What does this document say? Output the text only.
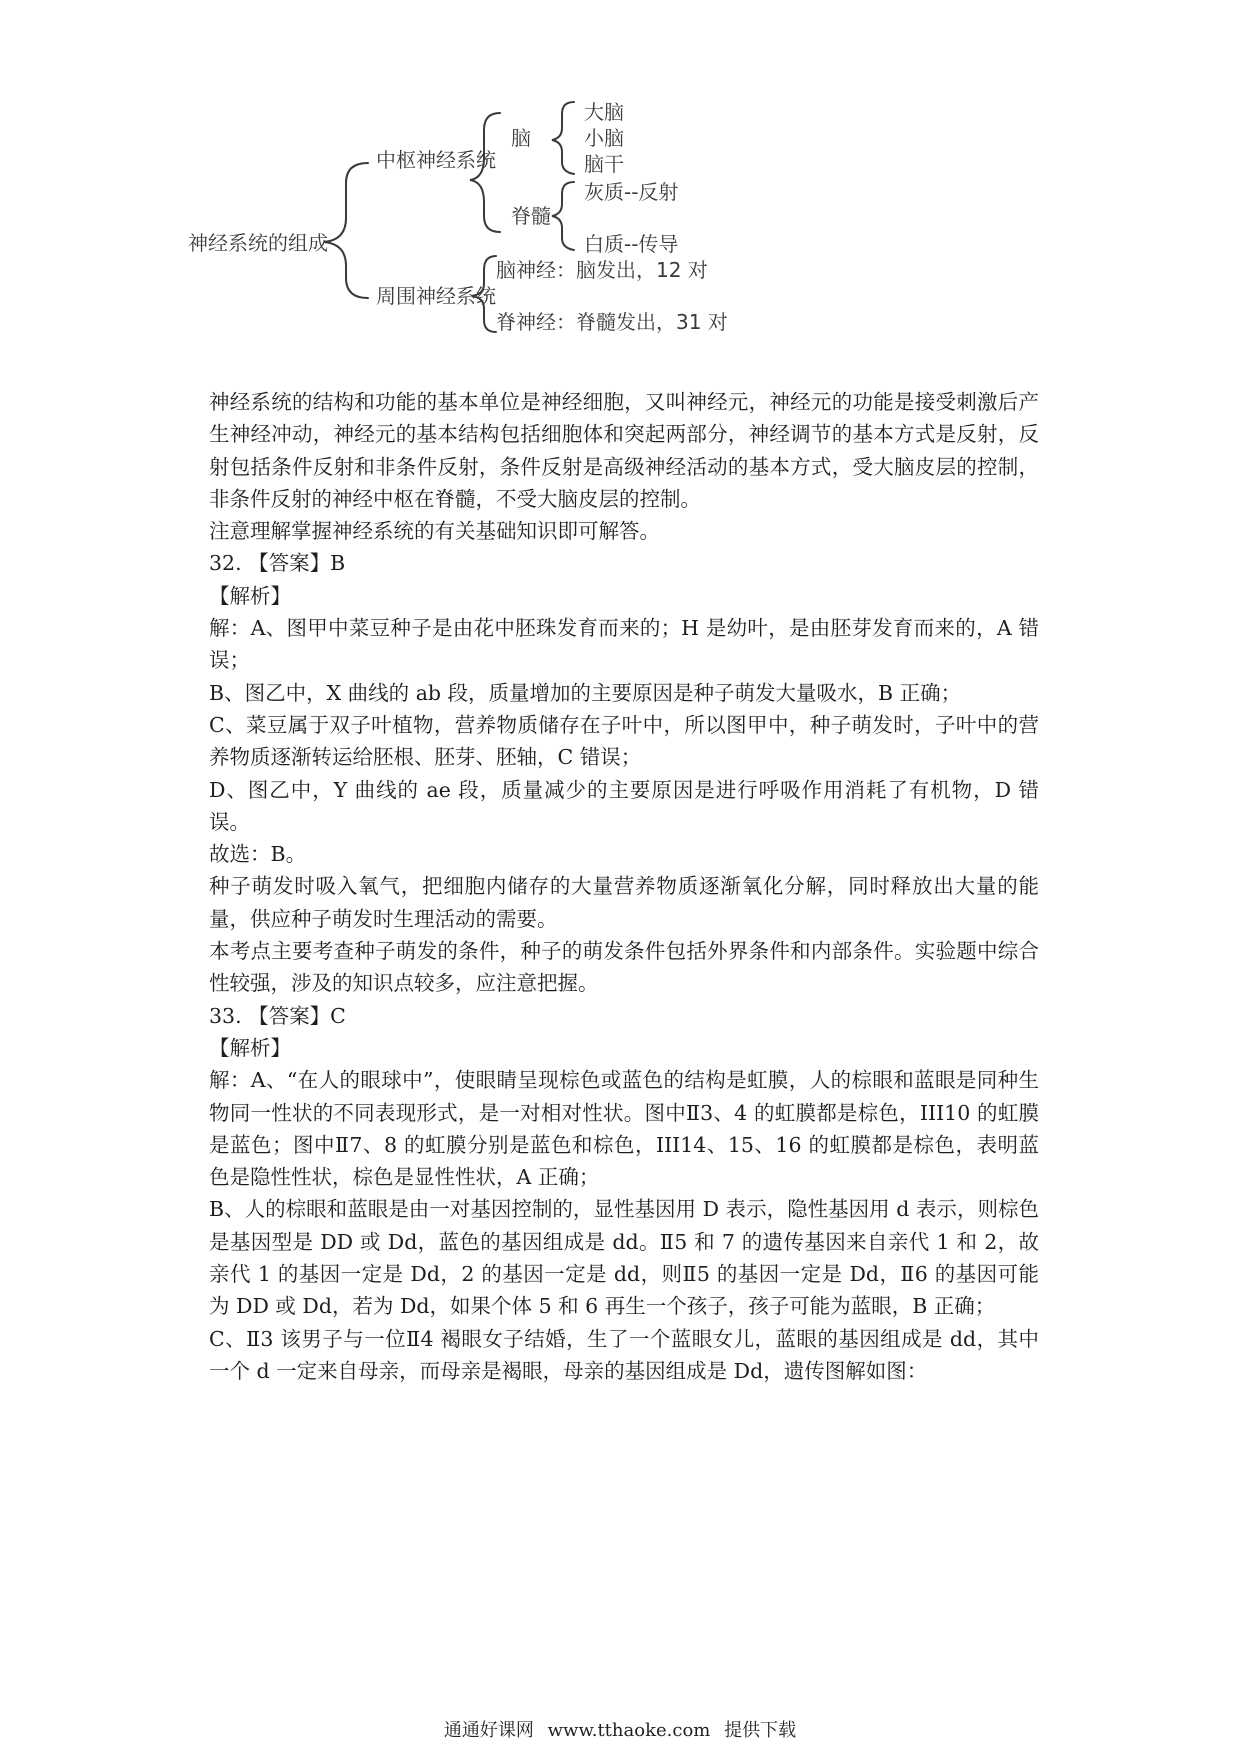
神经系统的组成
中枢神经系统
周围神经系统
脑
大脑
小脑
脑干
脊髓
灰质--反射
白质--传导
脑神经：脑发出，12 对
脊神经：脊髓发出，31 对

神经系统的结构和功能的基本单位是神经细胞，又叫神经元，神经元的功能是接受刺激后产生神经冲动，神经元的基本结构包括细胞体和突起两部分，神经调节的基本方式是反射，反射包括条件反射和非条件反射，条件反射是高级神经活动的基本方式，受大脑皮层的控制，非条件反射的神经中枢在脊髓，不受大脑皮层的控制。

注意理解掌握神经系统的有关基础知识即可解答。

32. 【答案】B

【解析】

解：A、图甲中菜豆种子是由花中胚珠发育而来的；H 是幼叶，是由胚芽发育而来的，A 错误；

B、图乙中，X 曲线的 ab 段，质量增加的主要原因是种子萌发大量吸水，B 正确；

C、菜豆属于双子叶植物，营养物质储存在子叶中，所以图甲中，种子萌发时，子叶中的营养物质逐渐转运给胚根、胚芽、胚轴，C 错误；

D、图乙中，Y 曲线的 ae 段，质量减少的主要原因是进行呼吸作用消耗了有机物，D 错误。

故选：B。

种子萌发时吸入氧气，把细胞内储存的大量营养物质逐渐氧化分解，同时释放出大量的能量，供应种子萌发时生理活动的需要。

本考点主要考查种子萌发的条件，种子的萌发条件包括外界条件和内部条件。实验题中综合性较强，涉及的知识点较多，应注意把握。

33. 【答案】C

【解析】

解：A、“在人的眼球中”，使眼睛呈现棕色或蓝色的结构是虹膜，人的棕眼和蓝眼是同种生物同一性状的不同表现形式，是一对相对性状。图中Ⅱ3、4 的虹膜都是棕色，III10 的虹膜是蓝色；图中Ⅱ7、8 的虹膜分别是蓝色和棕色，III14、15、16 的虹膜都是棕色，表明蓝色是隐性性状，棕色是显性性状，A 正确；

B、人的棕眼和蓝眼是由一对基因控制的，显性基因用 D 表示，隐性基因用 d 表示，则棕色是基因型是 DD 或 Dd，蓝色的基因组成是 dd。Ⅱ5 和 7 的遗传基因来自亲代 1 和 2，故亲代 1 的基因一定是 Dd，2 的基因一定是 dd，则Ⅱ5 的基因一定是 Dd，Ⅱ6 的基因可能为 DD 或 Dd，若为 Dd，如果个体 5 和 6 再生一个孩子，孩子可能为蓝眼，B 正确；

C、Ⅱ3 该男子与一位Ⅱ4 褐眼女子结婚，生了一个蓝眼女儿，蓝眼的基因组成是 dd，其中一个 d 一定来自母亲，而母亲是褐眼，母亲的基因组成是 Dd，遗传图解如图：

通通好课网 www.tthaoke.com 提供下载
